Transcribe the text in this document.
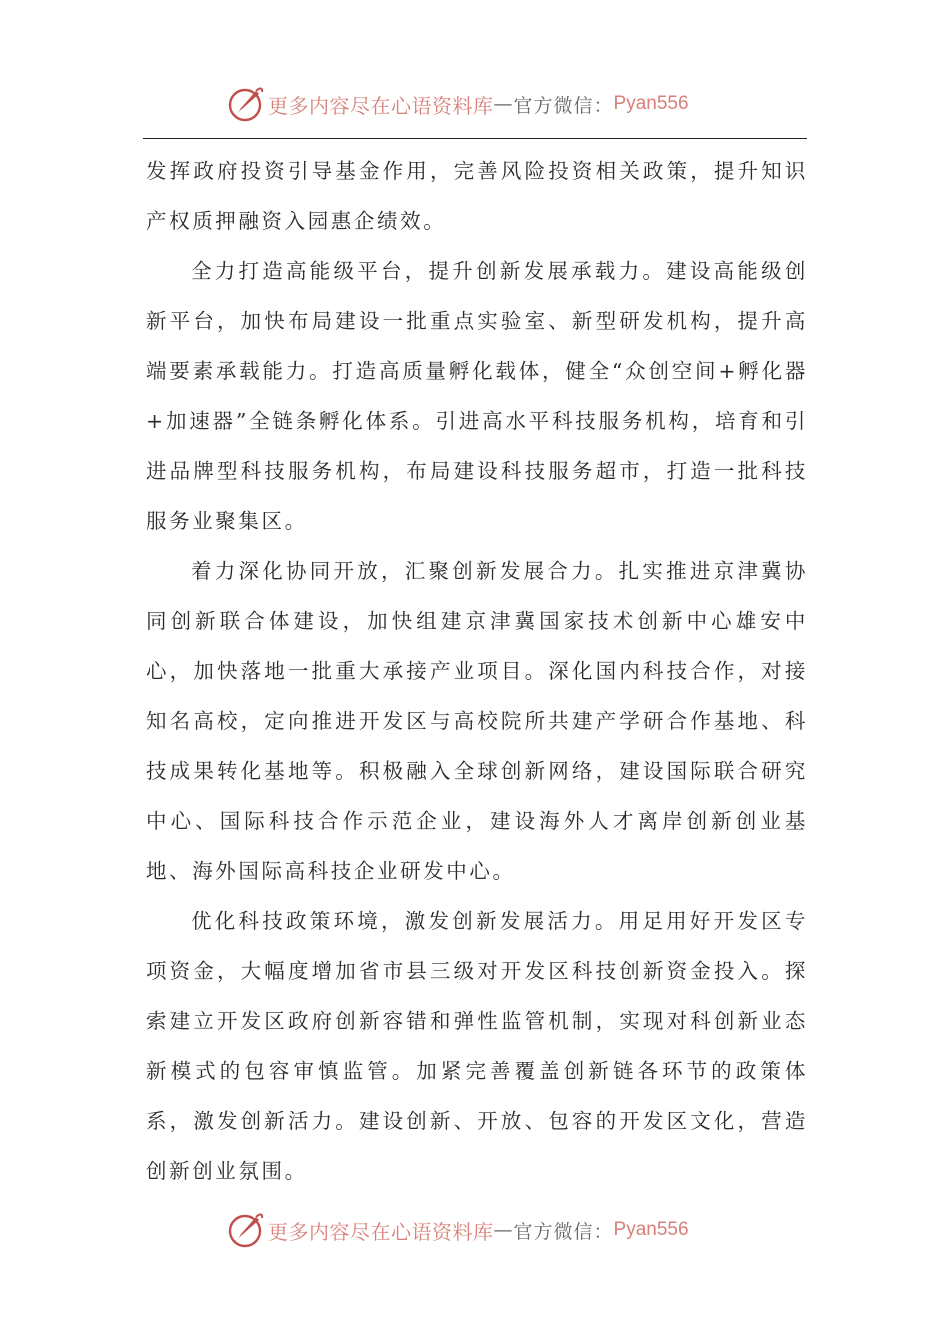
更多内容尽在心语资料库 — 官方微信： Pyan556

发挥政府投资引导基金作用，完善风险投资相关政策，提升知识产权质押融资入园惠企绩效。

全力打造高能级平台，提升创新发展承载力。建设高能级创新平台，加快布局建设一批重点实验室、新型研发机构，提升高端要素承载能力。打造高质量孵化载体，健全“众创空间+孵化器+加速器”全链条孵化体系。引进高水平科技服务机构，培育和引进品牌型科技服务机构，布局建设科技服务超市，打造一批科技服务业聚集区。

着力深化协同开放，汇聚创新发展合力。扎实推进京津冀协同创新联合体建设，加快组建京津冀国家技术创新中心雄安中心，加快落地一批重大承接产业项目。深化国内科技合作，对接知名高校，定向推进开发区与高校院所共建产学研合作基地、科技成果转化基地等。积极融入全球创新网络，建设国际联合研究中心、国际科技合作示范企业，建设海外人才离岸创新创业基地、海外国际高科技企业研发中心。

优化科技政策环境，激发创新发展活力。用足用好开发区专项资金，大幅度增加省市县三级对开发区科技创新资金投入。探索建立开发区政府创新容错和弹性监管机制，实现对科创新业态新模式的包容审慎监管。加紧完善覆盖创新链各环节的政策体系，激发创新活力。建设创新、开放、包容的开发区文化，营造创新创业氛围。

更多内容尽在心语资料库 — 官方微信： Pyan556
